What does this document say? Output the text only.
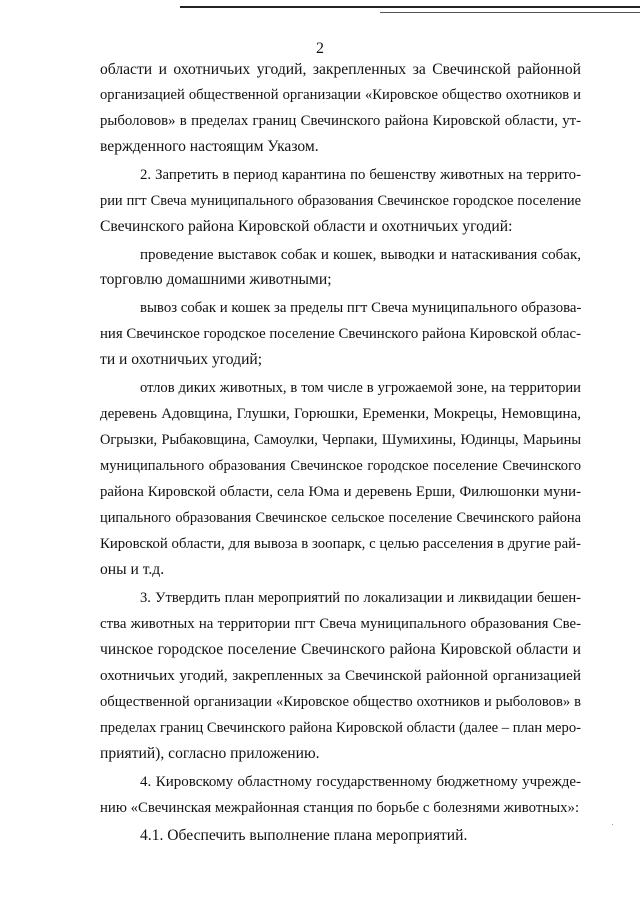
2
области и охотничьих угодий, закрепленных за Свечинской районной
организацией общественной организации «Кировское общество охотников и
рыболовов» в пределах границ Свечинского района Кировской области, ут-
вержденного настоящим Указом.
2. Запретить в период карантина по бешенству животных на террито-
рии пгт Свеча муниципального образования Свечинское городское поселение
Свечинского района Кировской области и охотничьих угодий:
проведение выставок собак и кошек, выводки и натаскивания собак,
торговлю домашними животными;
вывоз собак и кошек за пределы пгт Свеча муниципального образова-
ния Свечинское городское поселение Свечинского района Кировской облас-
ти и охотничьих угодий;
отлов диких животных, в том числе в угрожаемой зоне, на территории
деревень Адовщина, Глушки, Горюшки, Еременки, Мокрецы, Немовщина,
Огрызки, Рыбаковщина, Самоулки, Черпаки, Шумихины, Юдинцы, Марьины
муниципального образования Свечинское городское поселение Свечинского
района Кировской области, села Юма и деревень Ерши, Филюшонки муни-
ципального образования Свечинское сельское поселение Свечинского района
Кировской области, для вывоза в зоопарк, с целью расселения в другие рай-
оны и т.д.
3. Утвердить план мероприятий по локализации и ликвидации бешен-
ства животных на территории пгт Свеча муниципального образования Све-
чинское городское поселение Свечинского района Кировской области и
охотничьих угодий, закрепленных за Свечинской районной организацией
общественной организации «Кировское общество охотников и рыболовов» в
пределах границ Свечинского района Кировской области (далее – план меро-
приятий), согласно приложению.
4. Кировскому областному государственному бюджетному учрежде-
нию «Свечинская межрайонная станция по борьбе с болезнями животных»:
4.1. Обеспечить выполнение плана мероприятий.
